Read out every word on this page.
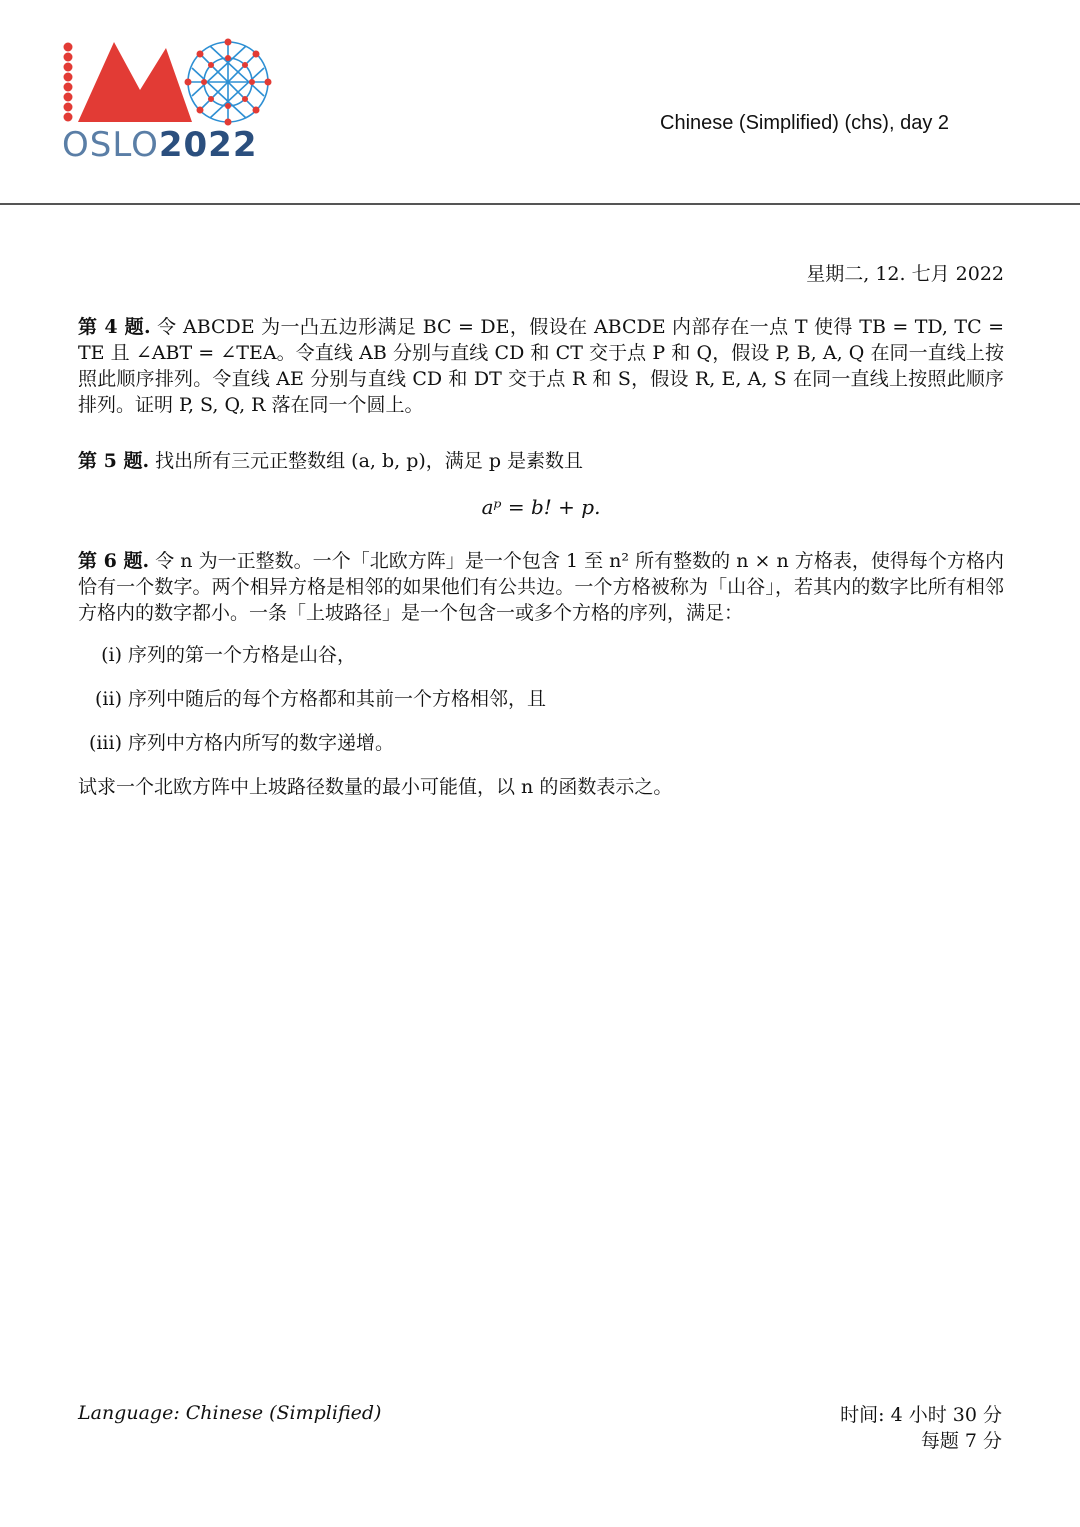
OSLO2022
Chinese (Simplified) (chs), day 2
星期二, 12. 七月 2022

第 4 题. 令 ABCDE 为一凸五边形满足 BC = DE，假设在 ABCDE 内部存在一点 T 使得 TB = TD, TC = TE 且 ∠ABT = ∠TEA。令直线 AB 分别与直线 CD 和 CT 交于点 P 和 Q，假设 P, B, A, Q 在同一直线上按照此顺序排列。令直线 AE 分别与直线 CD 和 DT 交于点 R 和 S，假设 R, E, A, S 在同一直线上按照此顺序排列。证明 P, S, Q, R 落在同一个圆上。

第 5 题. 找出所有三元正整数组 (a, b, p)，满足 p 是素数且

aᵖ = b! + p.

第 6 题. 令 n 为一正整数。一个「北欧方阵」是一个包含 1 至 n² 所有整数的 n × n 方格表，使得每个方格内恰有一个数字。两个相异方格是相邻的如果他们有公共边。一个方格被称为「山谷」，若其内的数字比所有相邻方格内的数字都小。一条「上坡路径」是一个包含一或多个方格的序列，满足：

(i) 序列的第一个方格是山谷，
(ii) 序列中随后的每个方格都和其前一个方格相邻，且
(iii) 序列中方格内所写的数字递增。

试求一个北欧方阵中上坡路径数量的最小可能值，以 n 的函数表示之。

Language: Chinese (Simplified)	时间: 4 小时 30 分
每题 7 分
